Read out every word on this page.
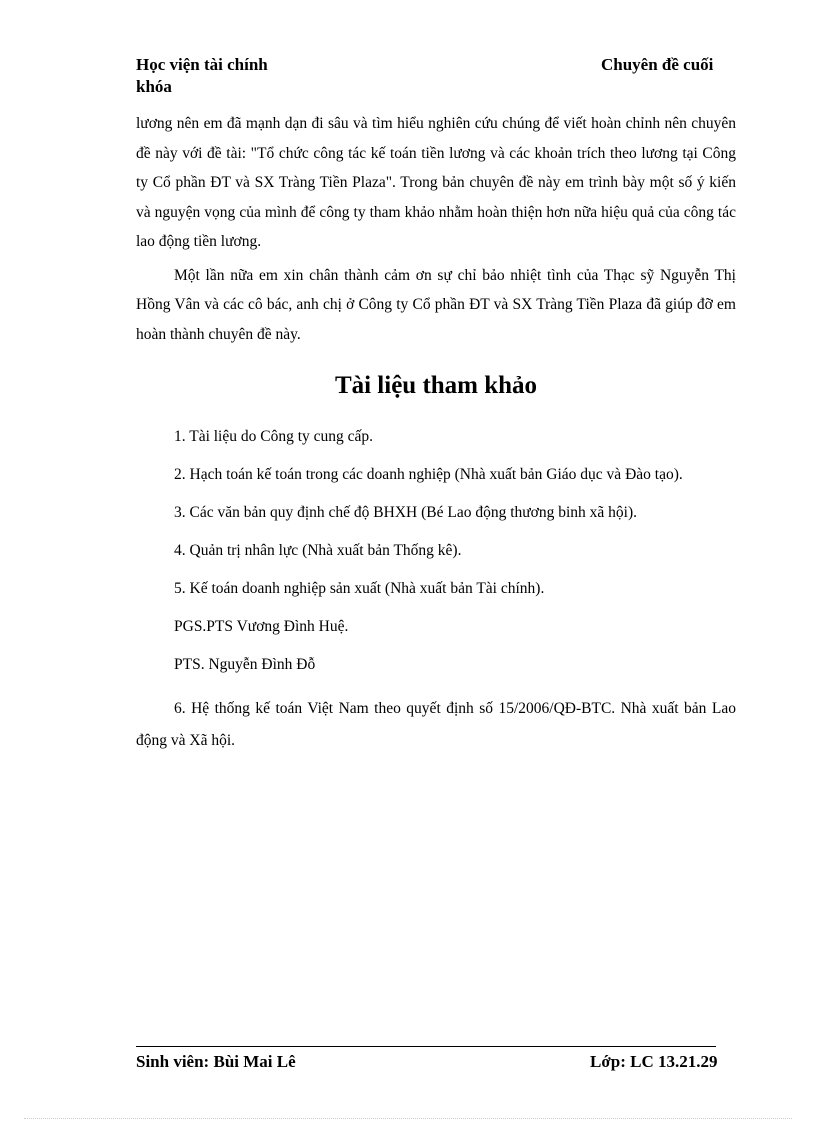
Học viện tài chính	Chuyên đề cuối
khóa

lương nên em đã mạnh dạn đi sâu và tìm hiểu nghiên cứu chúng để viết hoàn chỉnh nên chuyên đề này với đề tài: "Tổ chức công tác kế toán tiền lương và các khoản trích theo lương tại Công ty Cổ phần ĐT và SX Tràng Tiền Plaza". Trong bản chuyên đề này em trình bày một số ý kiến và nguyện vọng của mình để công ty tham khảo nhằm hoàn thiện hơn nữa hiệu quả của công tác lao động tiền lương.

Một lần nữa em xin chân thành cảm ơn sự chỉ bảo nhiệt tình của Thạc sỹ Nguyễn Thị Hồng Vân và các cô bác, anh chị ở Công ty Cổ phần ĐT và SX Tràng Tiền Plaza đã giúp đỡ em hoàn thành chuyên đề này.

Tài liệu tham khảo
1. Tài liệu do Công ty cung cấp.
2. Hạch toán kế toán trong các doanh nghiệp (Nhà xuất bản Giáo dục và Đào tạo).
3. Các văn bản quy định chế độ BHXH (Bé Lao động thương binh xã hội).
4. Quản trị nhân lực (Nhà xuất bản Thống kê).
5. Kế toán doanh nghiệp sản xuất (Nhà xuất bản Tài chính).
PGS.PTS Vương Đình Huệ.
PTS. Nguyễn Đình Đỗ
6. Hệ thống kế toán Việt Nam theo quyết định số 15/2006/QĐ-BTC. Nhà xuất bản Lao động và Xã hội.
Sinh viên: Bùi Mai Lê	Lớp: LC 13.21.29
